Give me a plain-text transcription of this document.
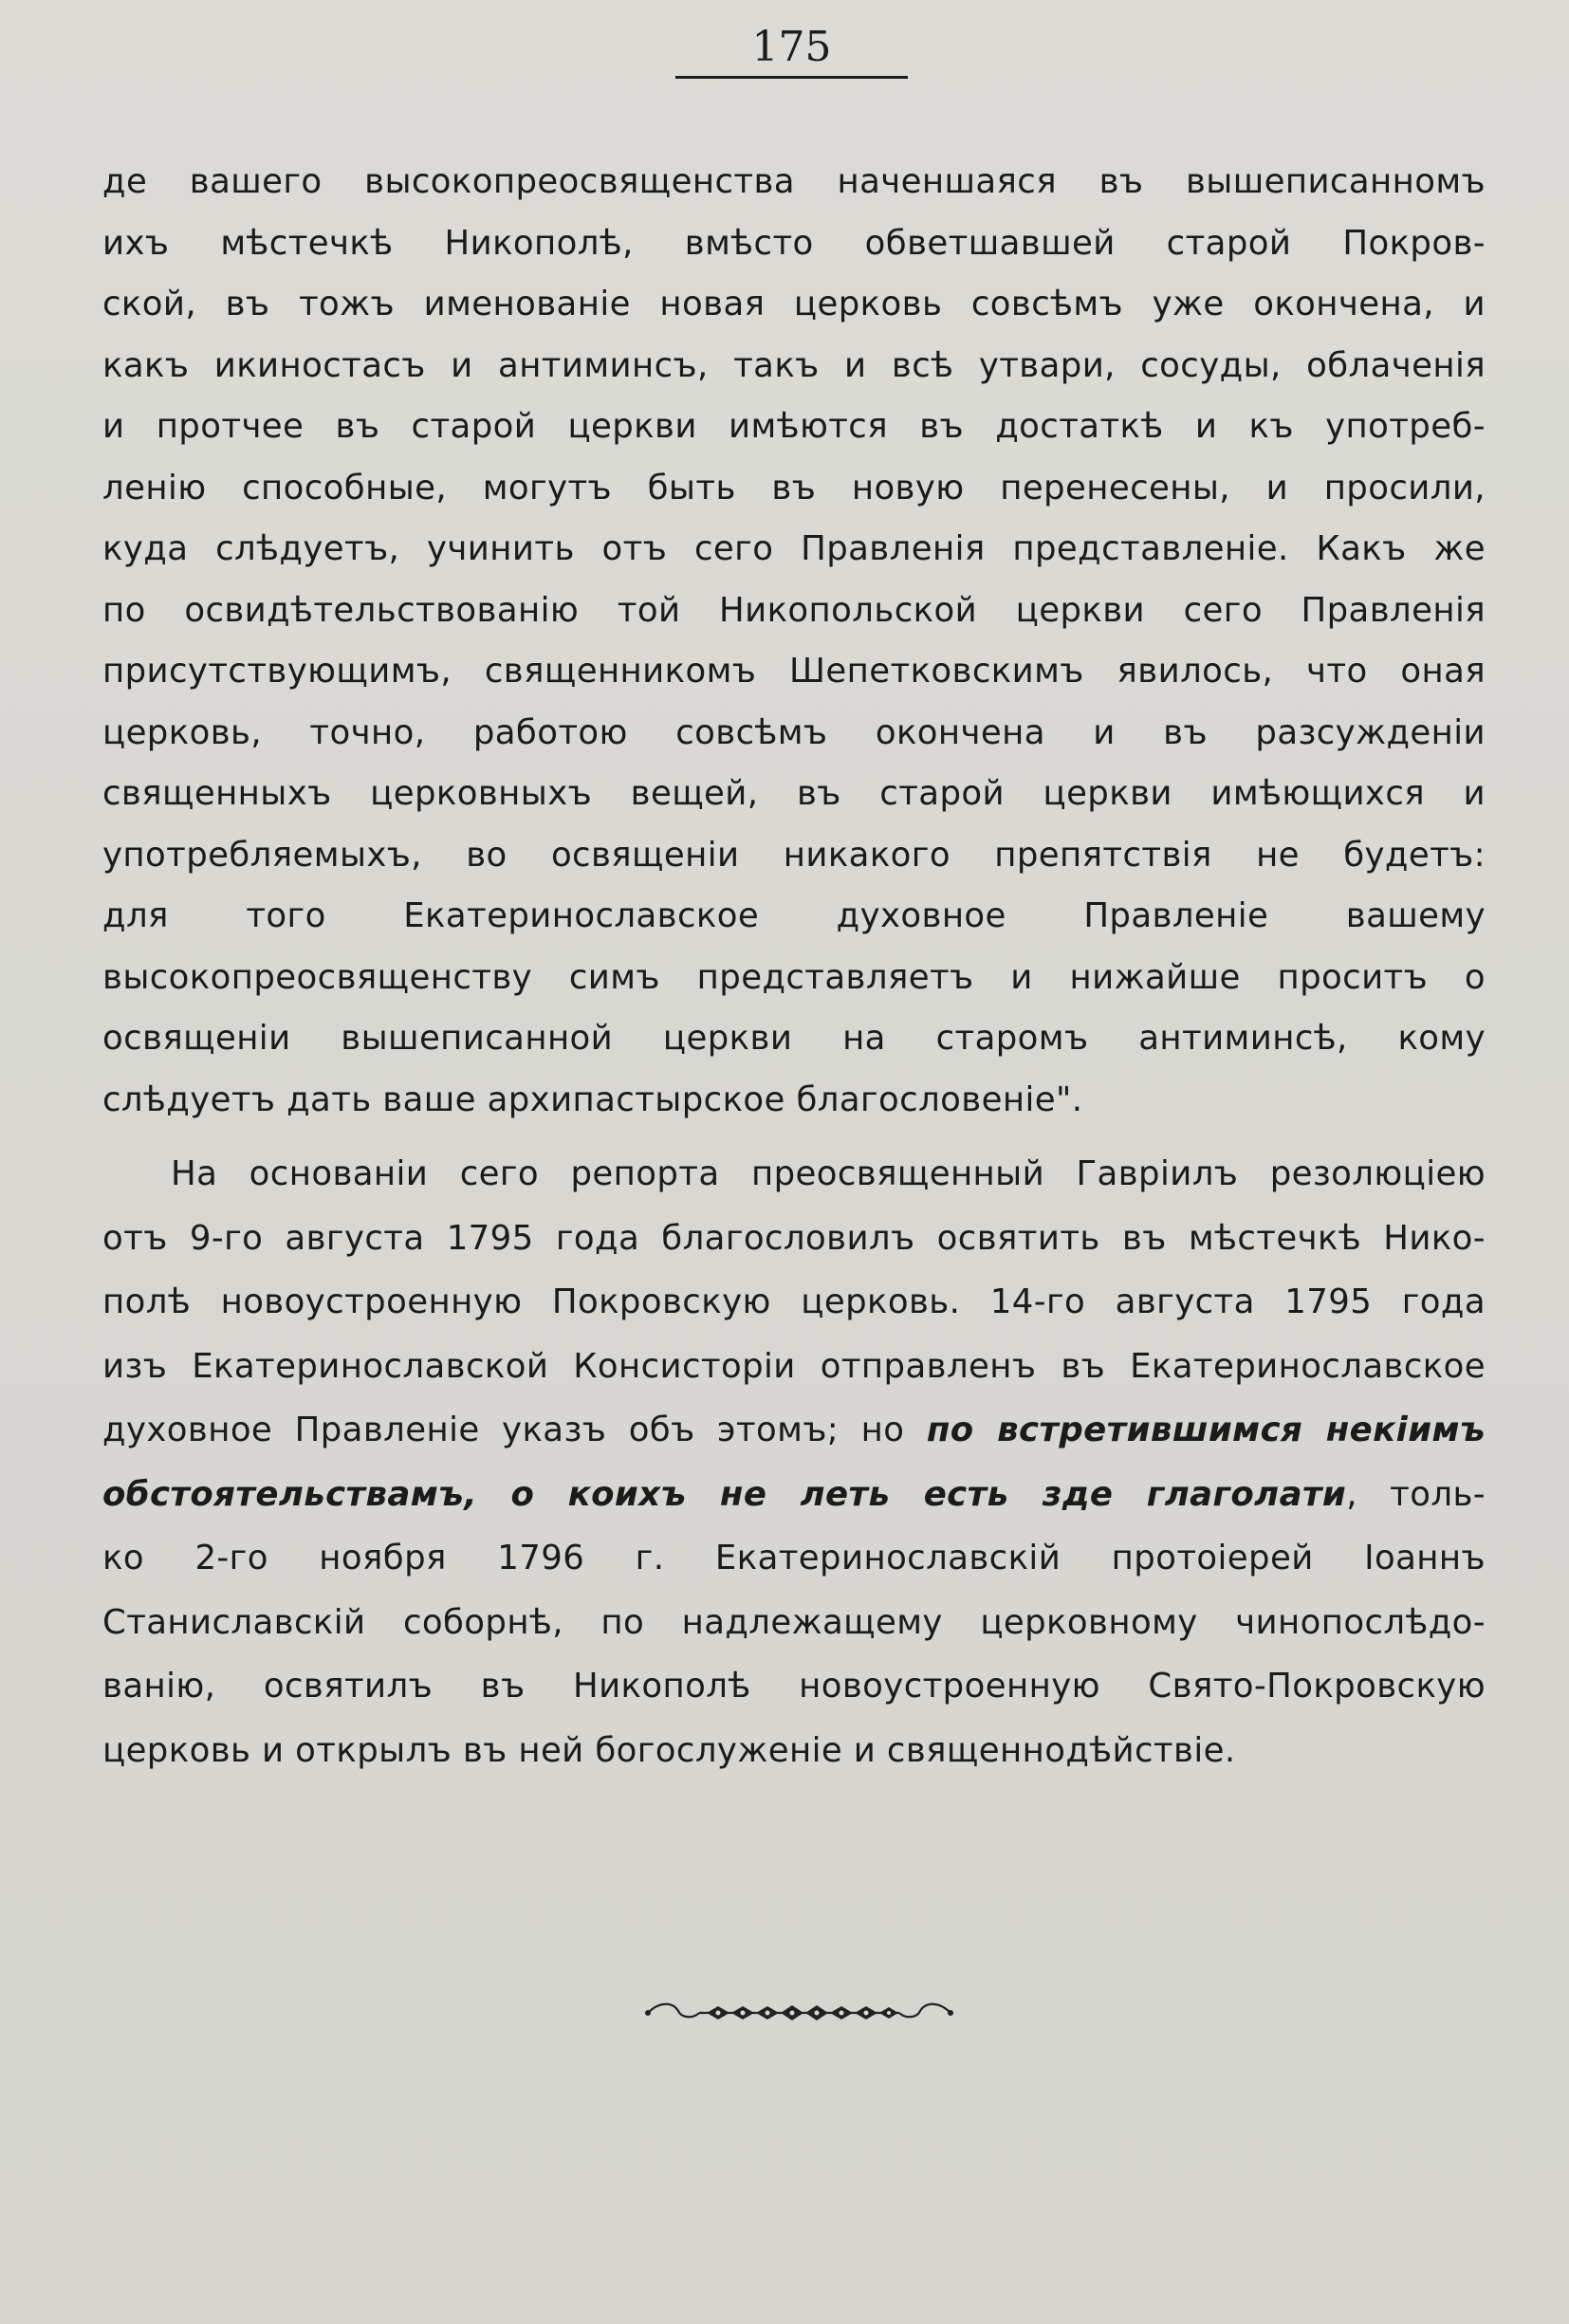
175
де вашего высокопреосвященства наченшаяся въ вышеписанномъ
ихъ мѣстечкѣ Никополѣ, вмѣсто обветшавшей старой Покров-
ской, въ тожъ именованіе новая церковь совсѣмъ уже окончена, и
какъ икиностасъ и антиминсъ, такъ и всѣ утвари, сосуды, облаченія
и протчее въ старой церкви имѣются въ достаткѣ и къ употреб-
ленію способные, могутъ быть въ новую перенесены, и просили,
куда слѣдуетъ, учинить отъ сего Правленія представленіе. Какъ же
по освидѣтельствованію той Никопольской церкви сего Правленія
присутствующимъ, священникомъ Шепетковскимъ явилось, что оная
церковь, точно, работою совсѣмъ окончена и въ разсужденіи
священныхъ церковныхъ вещей, въ старой церкви имѣющихся и
употребляемыхъ, во освященіи никакого препятствія не будетъ:
для того Екатеринославское духовное Правленіе вашему
высокопреосвященству симъ представляетъ и нижайше проситъ о
освященіи вышеписанной церкви на старомъ антиминсѣ, кому
слѣдуетъ дать ваше архипастырское благословеніе".
На основаніи сего репорта преосвященный Гавріилъ резолюціею
отъ 9-го августа 1795 года благословилъ освятить въ мѣстечкѣ Нико-
полѣ новоустроенную Покровскую церковь. 14-го августа 1795 года
изъ Екатеринославской Консисторіи отправленъ въ Екатеринославское
духовное Правленіе указъ объ этомъ; но по встретившимся некіимъ
обстоятельствамъ, о коихъ не леть есть зде глаголати, толь-
ко 2-го ноября 1796 г. Екатеринославскій протоіерей Іоаннъ
Станиславскій соборнѣ, по надлежащему церковному чинопослѣдо-
ванію, освятилъ въ Никополѣ новоустроенную Свято-Покровскую
церковь и открылъ въ ней богослуженіе и священнодѣйствіе.
